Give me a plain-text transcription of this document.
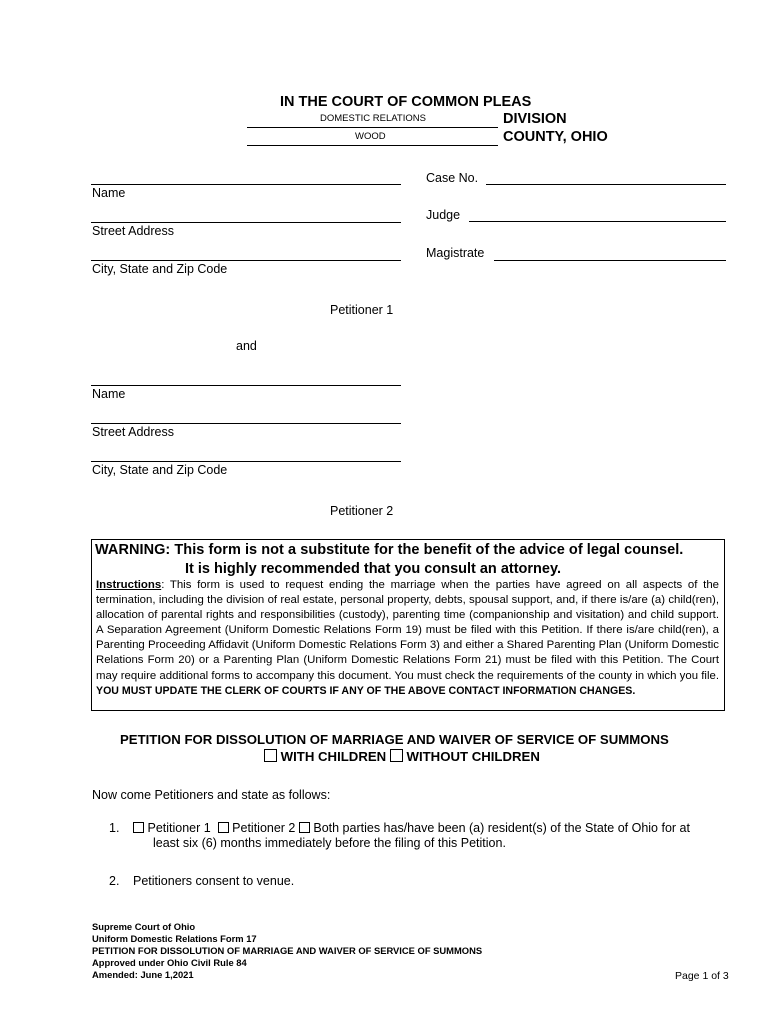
IN THE COURT OF COMMON PLEAS
DOMESTIC RELATIONS	DIVISION
WOOD	COUNTY, OHIO
Name
Street Address
City, State and Zip Code
Petitioner 1
Case No.
Judge
Magistrate
and
Name
Street Address
City, State and Zip Code
Petitioner 2
WARNING: This form is not a substitute for the benefit of the advice of legal counsel.
It is highly recommended that you consult an attorney.
Instructions: This form is used to request ending the marriage when the parties have agreed on all aspects of the termination, including the division of real estate, personal property, debts, spousal support, and, if there is/are (a) child(ren), allocation of parental rights and responsibilities (custody), parenting time (companionship and visitation) and child support. A Separation Agreement (Uniform Domestic Relations Form 19) must be filed with this Petition. If there is/are child(ren), a Parenting Proceeding Affidavit (Uniform Domestic Relations Form 3) and either a Shared Parenting Plan (Uniform Domestic Relations Form 20) or a Parenting Plan (Uniform Domestic Relations Form 21) must be filed with this Petition. The Court may require additional forms to accompany this document. You must check the requirements of the county in which you file. YOU MUST UPDATE THE CLERK OF COURTS IF ANY OF THE ABOVE CONTACT INFORMATION CHANGES.
PETITION FOR DISSOLUTION OF MARRIAGE AND WAIVER OF SERVICE OF SUMMONS
WITH CHILDREN WITHOUT CHILDREN
Now come Petitioners and state as follows:
1.	Petitioner 1 Petitioner 2 Both parties has/have been (a) resident(s) of the State of Ohio for at
least six (6) months immediately before the filing of this Petition.
2. Petitioners consent to venue.
Supreme Court of Ohio
Uniform Domestic Relations Form 17
PETITION FOR DISSOLUTION OF MARRIAGE AND WAIVER OF SERVICE OF SUMMONS
Approved under Ohio Civil Rule 84
Amended: June 1,2021	Page 1 of 3
